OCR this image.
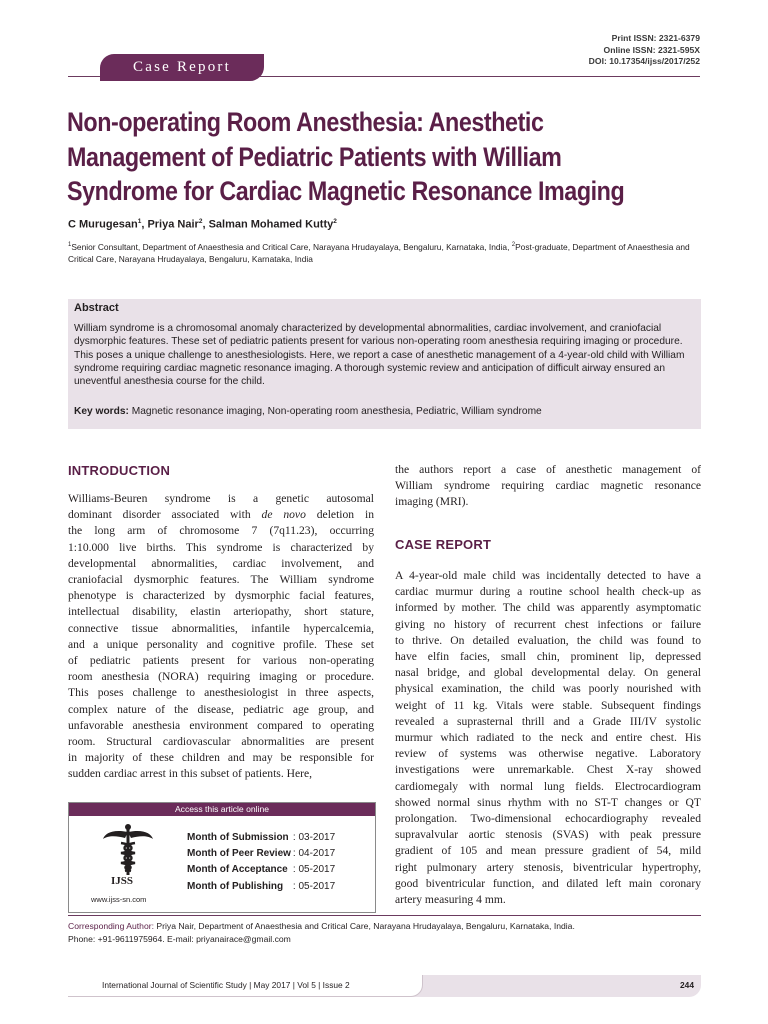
Print ISSN: 2321-6379
Online ISSN: 2321-595X
DOI: 10.17354/ijss/2017/252
Case Report
Non-operating Room Anesthesia: Anesthetic
Management of Pediatric Patients with William
Syndrome for Cardiac Magnetic Resonance Imaging
C Murugesan$^1$, Priya Nair$^2$, Salman Mohamed Kutty$^2$
$^1$Senior Consultant, Department of Anaesthesia and Critical Care, Narayana Hrudayalaya, Bengaluru, Karnataka, India, $^2$Post-graduate, Department of Anaesthesia and Critical Care, Narayana Hrudayalaya, Bengaluru, Karnataka, India
Abstract
William syndrome is a chromosomal anomaly characterized by developmental abnormalities, cardiac involvement, and craniofacial dysmorphic features. These set of pediatric patients present for various non-operating room anesthesia requiring imaging or procedure. This poses a unique challenge to anesthesiologists. Here, we report a case of anesthetic management of a 4-year-old child with William syndrome requiring cardiac magnetic resonance imaging. A thorough systemic review and anticipation of difficult airway ensured an uneventful anesthesia course for the child.
Key words: Magnetic resonance imaging, Non-operating room anesthesia, Pediatric, William syndrome
INTRODUCTION
Williams-Beuren syndrome is a genetic autosomal
dominant disorder associated with de novo deletion in
the long arm of chromosome 7 (7q11.23), occurring
1:10.000 live births. This syndrome is characterized by
developmental abnormalities, cardiac involvement, and
craniofacial dysmorphic features. The William syndrome
phenotype is characterized by dysmorphic facial features,
intellectual disability, elastin arteriopathy, short stature,
connective tissue abnormalities, infantile hypercalcemia,
and a unique personality and cognitive profile. These set
of pediatric patients present for various non-operating
room anesthesia (NORA) requiring imaging or procedure.
This poses challenge to anesthesiologist in three aspects,
complex nature of the disease, pediatric age group, and
unfavorable anesthesia environment compared to operating
room. Structural cardiovascular abnormalities are present
in majority of these children and may be responsible for
sudden cardiac arrest in this subset of patients. Here,
the authors report a case of anesthetic management of
William syndrome requiring cardiac magnetic resonance
imaging (MRI).
CASE REPORT
A 4-year-old male child was incidentally detected to have a
cardiac murmur during a routine school health check-up as
informed by mother. The child was apparently asymptomatic
giving no history of recurrent chest infections or failure
to thrive. On detailed evaluation, the child was found to
have elfin facies, small chin, prominent lip, depressed
nasal bridge, and global developmental delay. On general
physical examination, the child was poorly nourished with
weight of 11 kg. Vitals were stable. Subsequent findings
revealed a suprasternal thrill and a Grade III/IV systolic
murmur which radiated to the neck and entire chest. His
review of systems was otherwise negative. Laboratory
investigations were unremarkable. Chest X-ray showed
cardiomegaly with normal lung fields. Electrocardiogram
showed normal sinus rhythm with no ST-T changes or QT
prolongation. Two-dimensional echocardiography revealed
supravalvular aortic stenosis (SVAS) with peak pressure
gradient of 105 and mean pressure gradient of 54, mild
right pulmonary artery stenosis, biventricular hypertrophy,
good biventricular function, and dilated left main coronary
artery measuring 4 mm.
Access this article online
IJSS
www.ijss-sn.com
Month of Submission	: 03-2017
Month of Peer Review	: 04-2017
Month of Acceptance	: 05-2017
Month of Publishing	: 05-2017
Corresponding Author: Priya Nair, Department of Anaesthesia and Critical Care, Narayana Hrudayalaya, Bengaluru, Karnataka, India.
Phone: +91-9611975964. E-mail: priyanairace@gmail.com
International Journal of Scientific Study | May 2017 | Vol 5 | Issue 2	244
